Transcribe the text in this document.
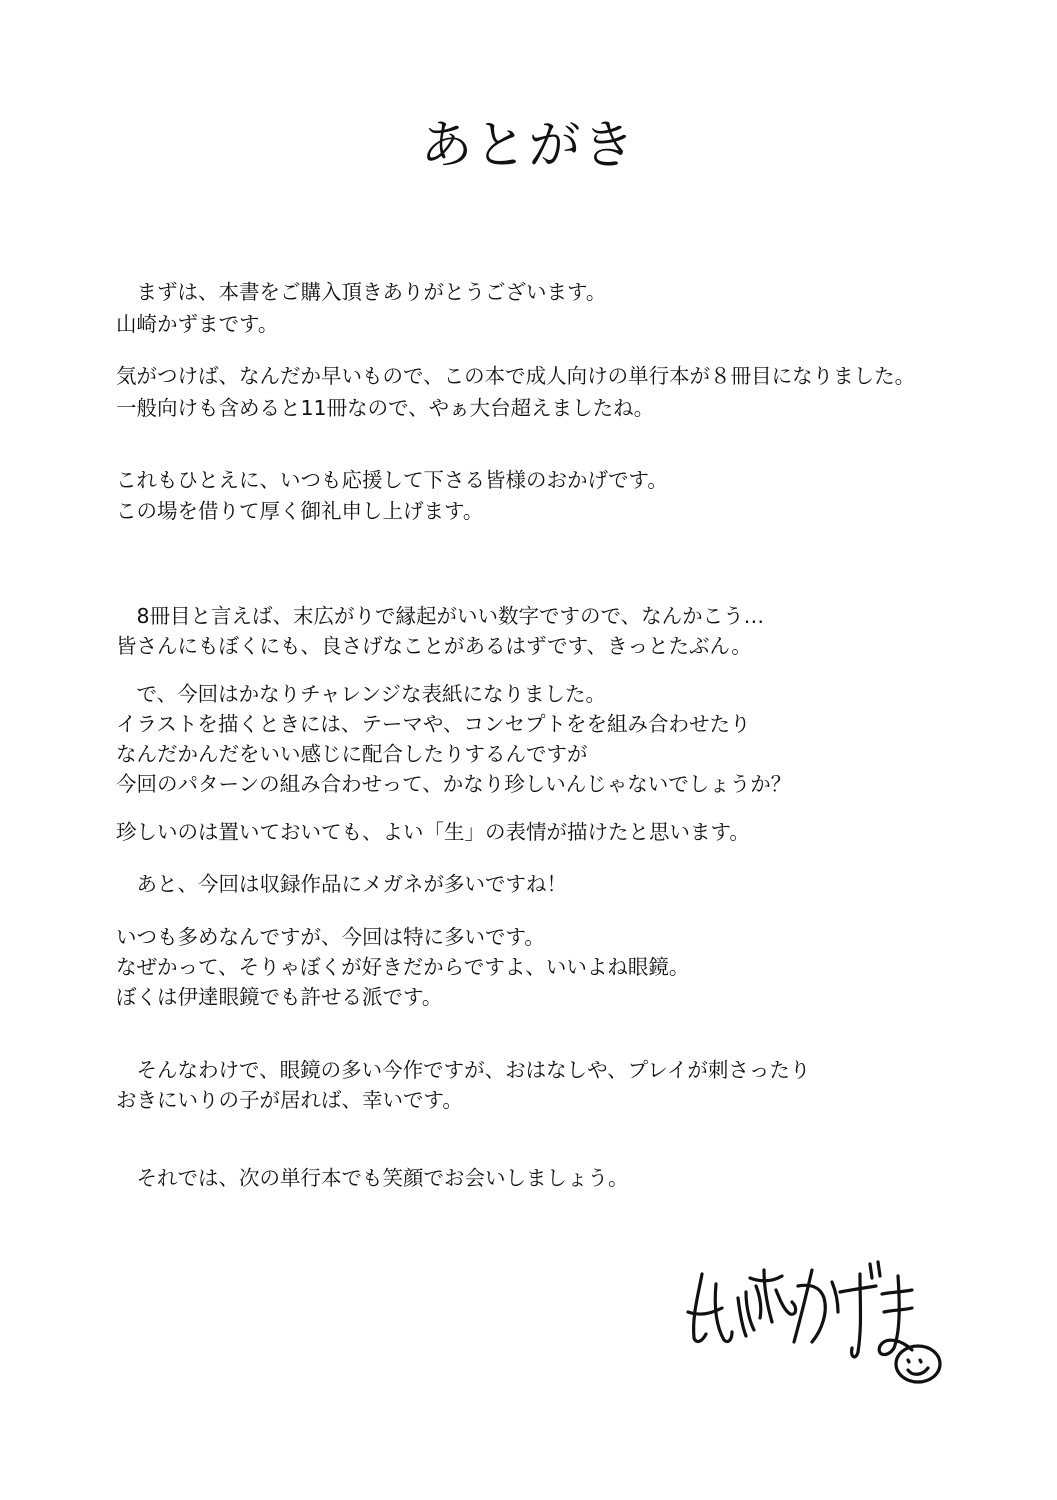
あとがき

　まずは、本書をご購入頂きありがとうございます。

山崎かずまです。

気がつけば、なんだか早いもので、この本で成人向けの単行本が８冊目になりました。

一般向けも含めると11冊なので、やぁ大台超えましたね。

これもひとえに、いつも応援して下さる皆様のおかげです。

この場を借りて厚く御礼申し上げます。

　8冊目と言えば、末広がりで縁起がいい数字ですので、なんかこう…

皆さんにもぼくにも、良さげなことがあるはずです、きっとたぶん。

　で、今回はかなりチャレンジな表紙になりました。

イラストを描くときには、テーマや、コンセプトをを組み合わせたり

なんだかんだをいい感じに配合したりするんですが

今回のパターンの組み合わせって、かなり珍しいんじゃないでしょうか？

珍しいのは置いておいても、よい「生」の表情が描けたと思います。

　あと、今回は収録作品にメガネが多いですね！

いつも多めなんですが、今回は特に多いです。

なぜかって、そりゃぼくが好きだからですよ、いいよね眼鏡。

ぼくは伊達眼鏡でも許せる派です。

　そんなわけで、眼鏡の多い今作ですが、おはなしや、プレイが刺さったり

おきにいりの子が居れば、幸いです。

　それでは、次の単行本でも笑顔でお会いしましょう。
